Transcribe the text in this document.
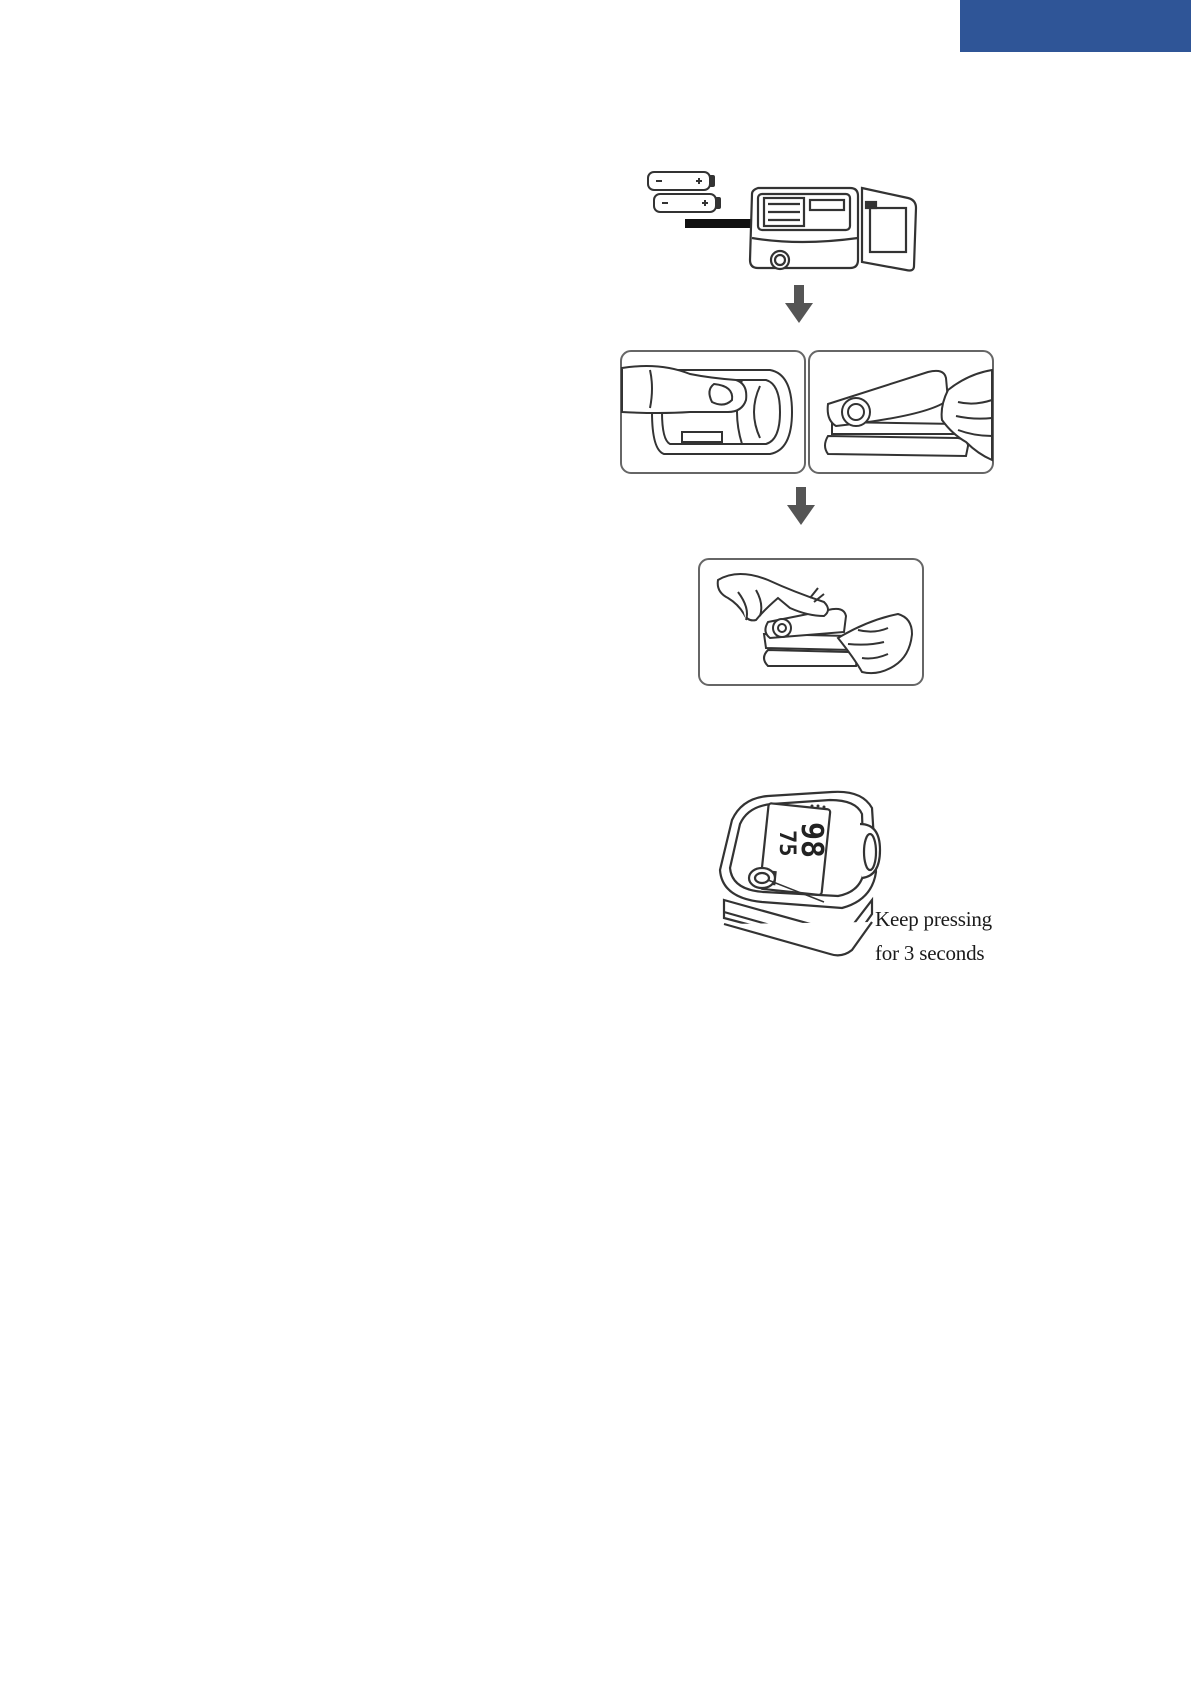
98
75
Keep pressing
for 3 seconds
